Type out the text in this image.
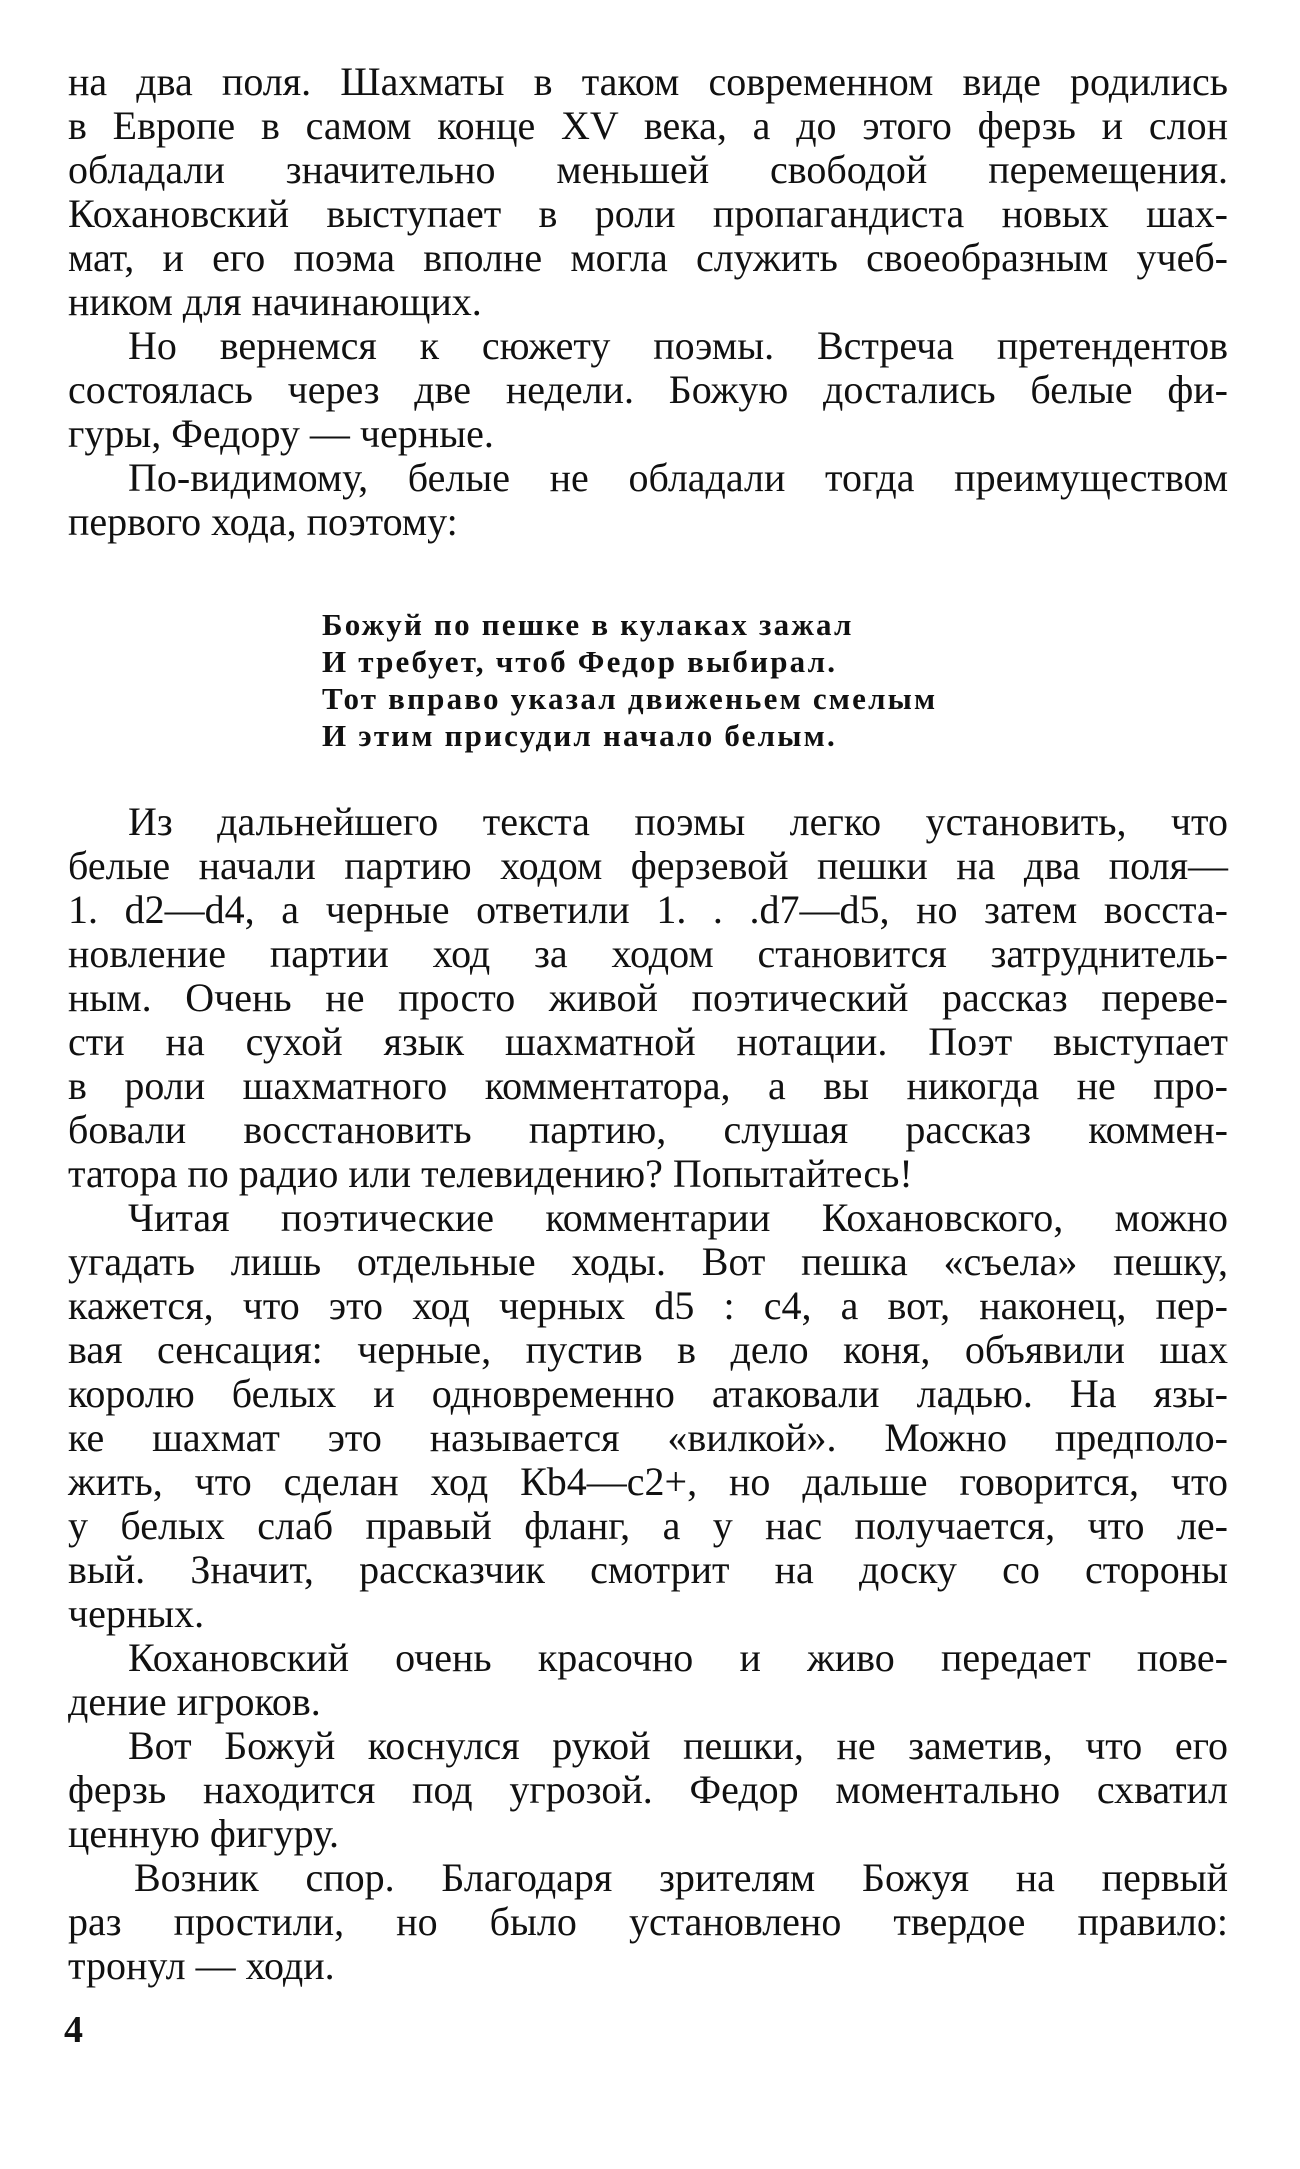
на два поля. Шахматы в таком современном виде родились
в Европе в самом конце XV века, а до этого ферзь и слон
обладали значительно меньшей свободой перемещения.
Кохановский выступает в роли пропагандиста новых шах-
мат, и его поэма вполне могла служить своеобразным учеб-
ником для начинающих.
Но вернемся к сюжету поэмы. Встреча претендентов
состоялась через две недели. Божую достались белые фи-
гуры, Федору — черные.
По-видимому, белые не обладали тогда преимуществом
первого хода, поэтому:
Божуй по пешке в кулаках зажал
И требует, чтоб Федор выбирал.
Тот вправо указал движеньем смелым
И этим присудил начало белым.
Из дальнейшего текста поэмы легко установить, что
белые начали партию ходом ферзевой пешки на два поля—
1. d2—d4, а черные ответили 1. . .d7—d5, но затем восста-
новление партии ход за ходом становится затруднитель-
ным. Очень не просто живой поэтический рассказ переве-
сти на сухой язык шахматной нотации. Поэт выступает
в роли шахматного комментатора, а вы никогда не про-
бовали восстановить партию, слушая рассказ коммен-
татора по радио или телевидению? Попытайтесь!
Читая поэтические комментарии Кохановского, можно
угадать лишь отдельные ходы. Вот пешка «съела» пешку,
кажется, что это ход черных d5 : c4, а вот, наконец, пер-
вая сенсация: черные, пустив в дело коня, объявили шах
королю белых и одновременно атаковали ладью. На язы-
ке шахмат это называется «вилкой». Можно предполо-
жить, что сделан ход Кb4—c2+, но дальше говорится, что
у белых слаб правый фланг, а у нас получается, что ле-
вый. Значит, рассказчик смотрит на доску со стороны
черных.
Кохановский очень красочно и живо передает пове-
дение игроков.
Вот Божуй коснулся рукой пешки, не заметив, что его
ферзь находится под угрозой. Федор моментально схватил
ценную фигуру.
Возник спор. Благодаря зрителям Божуя на первый
раз простили, но было установлено твердое правило:
тронул — ходи.
4
